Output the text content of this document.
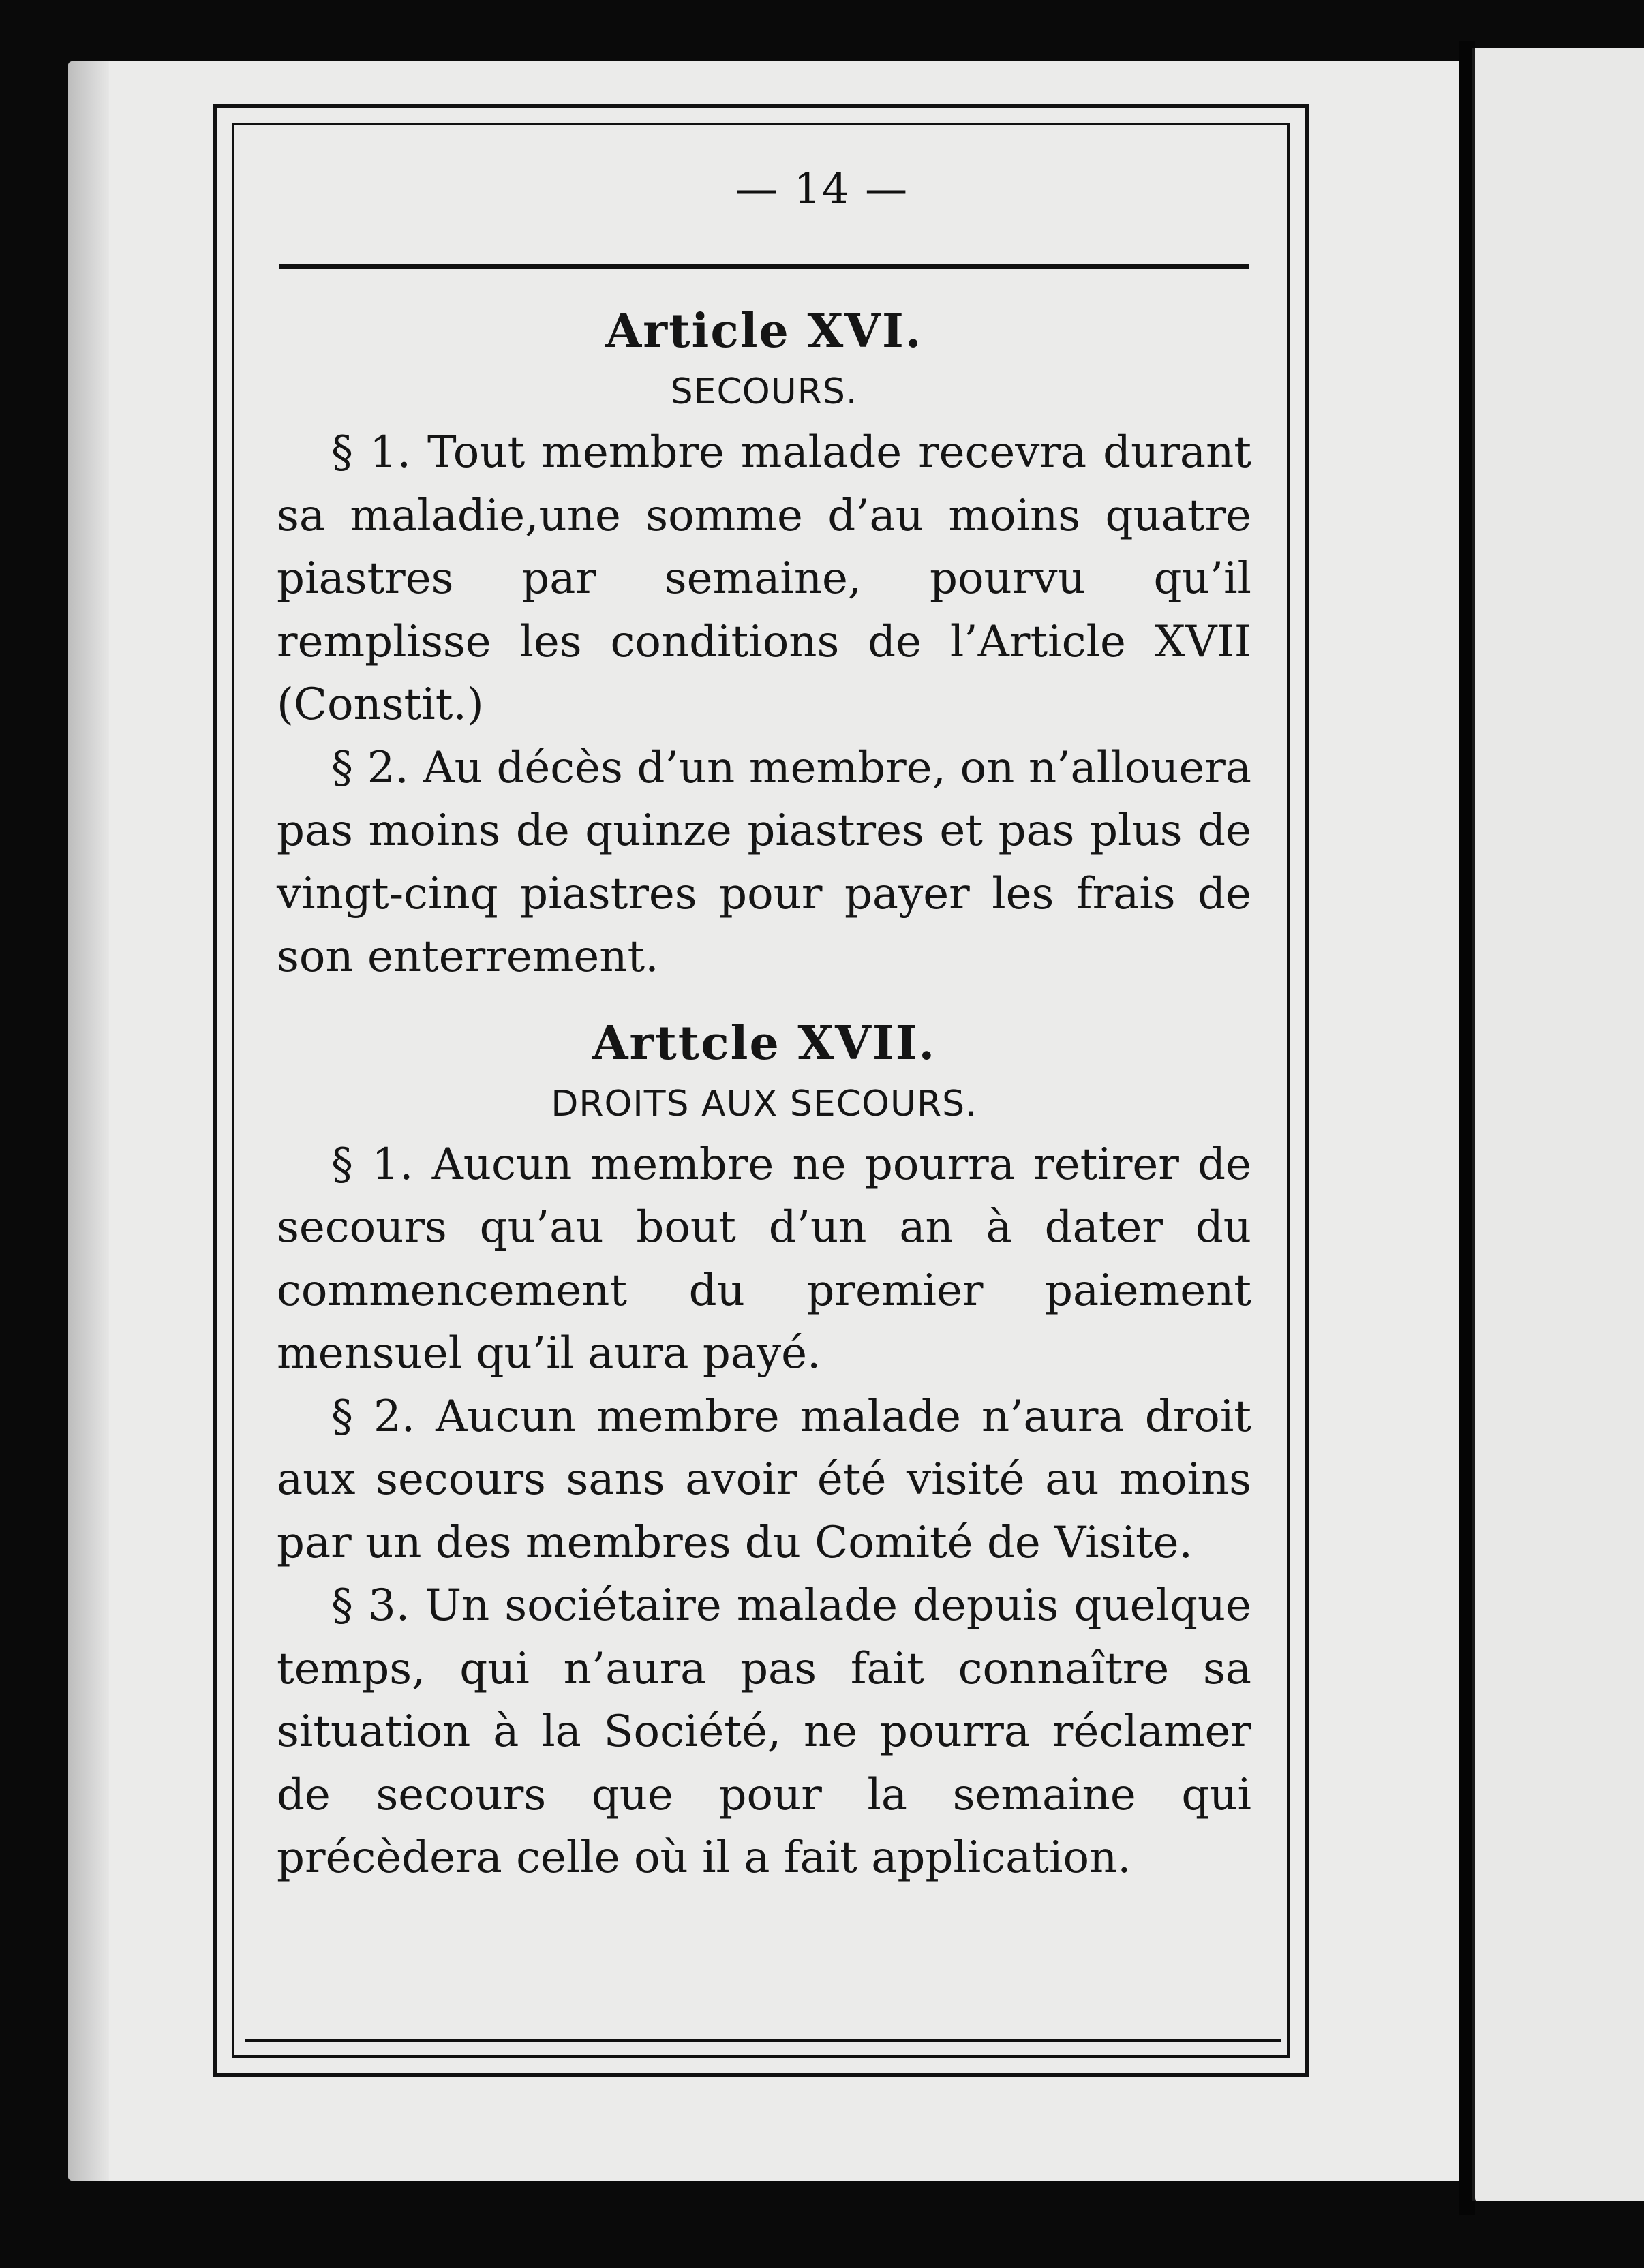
— 14 —
Article XVI.
SECOURS.

§ 1. Tout membre malade recevra durant sa maladie,une somme d’au moins quatre piastres par semaine, pourvu qu’il remplisse les conditions de l’Article XVII (Constit.)

§ 2. Au décès d’un membre, on n’allouera pas moins de quinze piastres et pas plus de vingt-cinq piastres pour payer les frais de son enterrement.

Arttcle XVII.
DROITS AUX SECOURS.

§ 1. Aucun membre ne pourra retirer de secours qu’au bout d’un an à dater du commencement du premier paiement mensuel qu’il aura payé.

§ 2. Aucun membre malade n’aura droit aux secours sans avoir été visité au moins par un des membres du Comité de Visite.

§ 3. Un sociétaire malade depuis quelque temps, qui n’aura pas fait connaître sa situation à la Société, ne pourra réclamer de secours que pour la semaine qui précèdera celle où il a fait application.
